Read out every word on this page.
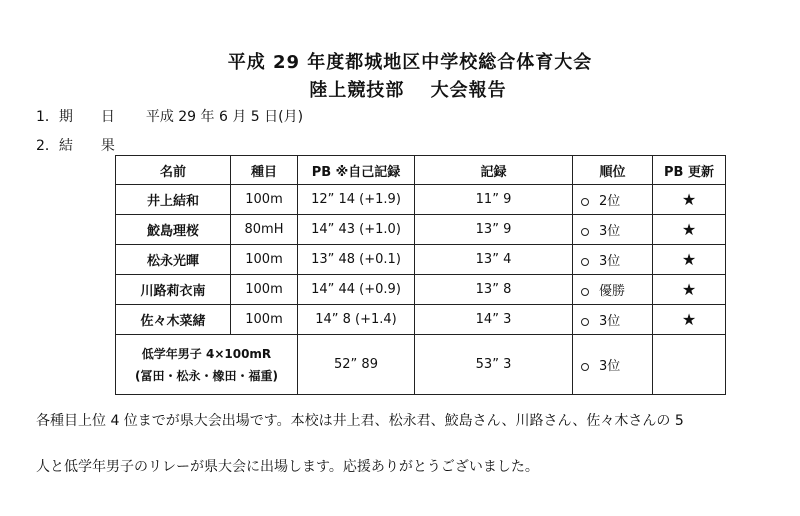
平成 29 年度都城地区中学校総合体育大会
陸上競技部　 大会報告
1．期　　日 平成 29 年 6 月 5 日(月)
2．結　　果
名前	種目	PB ※自己記録	記録	順位	PB 更新
井上結和	100m	12” 14 (+1.9)	11” 9	2位	★
鮫島理桜	80mH	14” 43 (+1.0)	13” 9	3位	★
松永光暉	100m	13” 48 (+0.1)	13” 4	3位	★
川路莉衣南	100m	14” 44 (+0.9)	13” 8	優勝	★
佐々木菜緒	100m	14” 8 (+1.4)	14” 3	3位	★

低学年男子 4×100mR
(冨田・松永・橡田・福重)		52” 89	53” 3	3位	
各種目上位 4 位までが県大会出場です。本校は井上君、松永君、鮫島さん、川路さん、佐々木さんの 5
人と低学年男子のリレーが県大会に出場します。応援ありがとうございました。
